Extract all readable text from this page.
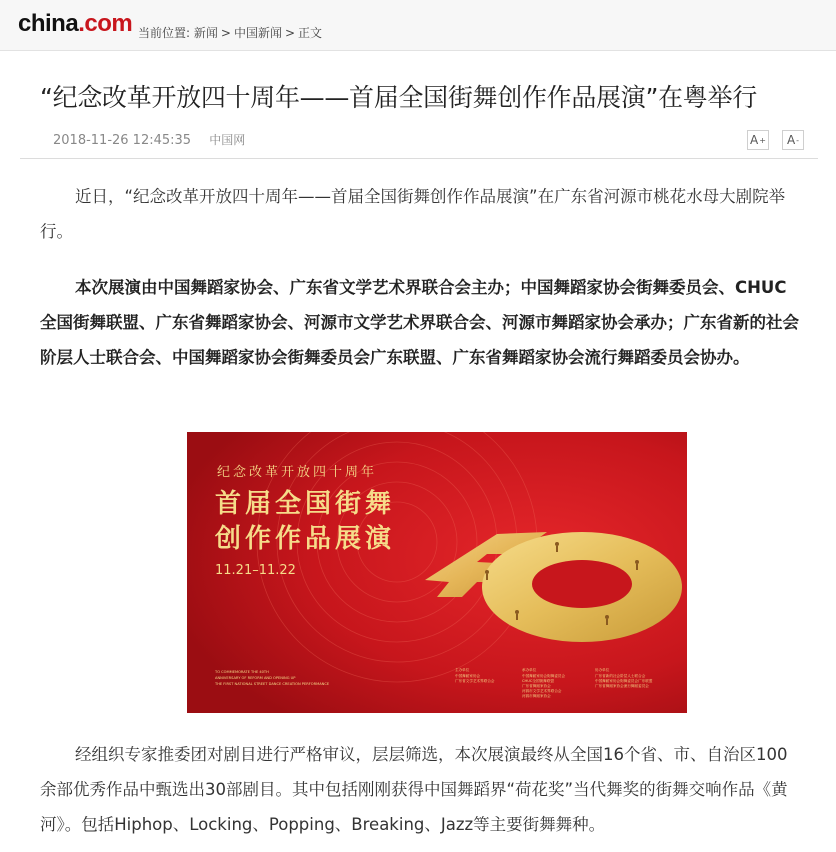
china.com 当前位置: 新闻 > 中国新闻 > 正文
“纪念改革开放四十周年——首届全国街舞创作作品展演”在粤举行
2018-11-26 12:45:35 中国网	A + A -

近日，“纪念改革开放四十周年——首届全国街舞创作作品展演”在广东省河源市桃花水母大剧院举行。

本次展演由中国舞蹈家协会、广东省文学艺术界联合会主办；中国舞蹈家协会街舞委员会、CHUC全国街舞联盟、广东省舞蹈家协会、河源市文学艺术界联合会、河源市舞蹈家协会承办；广东省新的社会阶层人士联合会、中国舞蹈家协会街舞委员会广东联盟、广东省舞蹈家协会流行舞蹈委员会协办。

纪念改革开放四十周年
首届全国街舞
创作作品展演
11.21–11.22
TO COMMEMORATE THE 40TH
ANNIVERSARY OF REFORM AND OPENING UP
THE FIRST NATIONAL STREET DANCE CREATION PERFORMANCE
主办单位
中国舞蹈家协会
广东省文学艺术界联合会
承办单位
中国舞蹈家协会街舞委员会
CHUC全国街舞联盟
广东省舞蹈家协会
河源市文学艺术界联合会
河源市舞蹈家协会
协办单位
广东省新的社会阶层人士联合会
中国舞蹈家协会街舞委员会广东联盟
广东省舞蹈家协会流行舞蹈委员会

经组织专家推委团对剧目进行严格审议，层层筛选，本次展演最终从全国16个省、市、自治区100余部优秀作品中甄选出30部剧目。其中包括刚刚获得中国舞蹈界“荷花奖”当代舞奖的街舞交响作品《黄河》。包括Hiphop、Locking、Popping、Breaking、Jazz等主要街舞舞种。
